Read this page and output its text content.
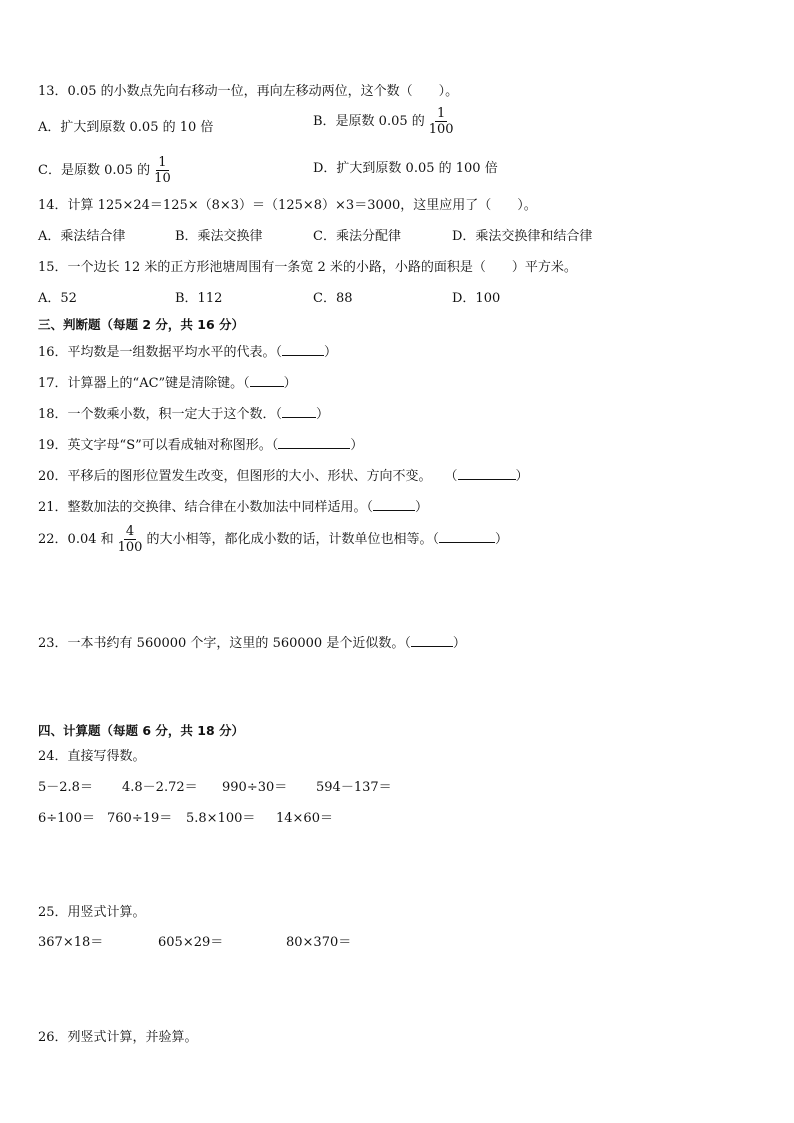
13．0.05 的小数点先向右移动一位，再向左移动两位，这个数（　　）。
A．扩大到原数 0.05 的 10 倍	B．是原数 0.05 的 $\frac{1}{100}$
C．是原数 0.05 的 $\frac{1}{10}$	D．扩大到原数 0.05 的 100 倍
14．计算 125×24＝125×（8×3）＝（125×8）×3＝3000，这里应用了（　　）。
A．乘法结合律	B．乘法交换律	C．乘法分配律	D．乘法交换律和结合律
15．一个边长 12 米的正方形池塘周围有一条宽 2 米的小路，小路的面积是（　　）平方米。
A．52	B．112	C．88	D．100
三、判断题（每题 2 分，共 16 分）
16．平均数是一组数据平均水平的代表。（	）
17．计算器上的“AC”键是清除键。（	）
18．一个数乘小数，积一定大于这个数．（	）
19．英文字母“S”可以看成轴对称图形。（	）
20．平移后的图形位置发生改变，但图形的大小、形状、方向不变。　　（	）
21．整数加法的交换律、结合律在小数加法中同样适用。（	）
22．0.04 和 $\frac{4}{100}$ 的大小相等，都化成小数的话，计数单位也相等。（	）
23．一本书约有 560000 个字，这里的 560000 是个近似数。（	）
四、计算题（每题 6 分，共 18 分）
24．直接写得数。
5－2.8＝ 4.8－2.72＝ 990÷30＝ 594－137＝
6÷100＝ 760÷19＝ 5.8×100＝ 14×60＝
25．用竖式计算。
367×18＝	605×29＝	80×370＝
26．列竖式计算，并验算。
